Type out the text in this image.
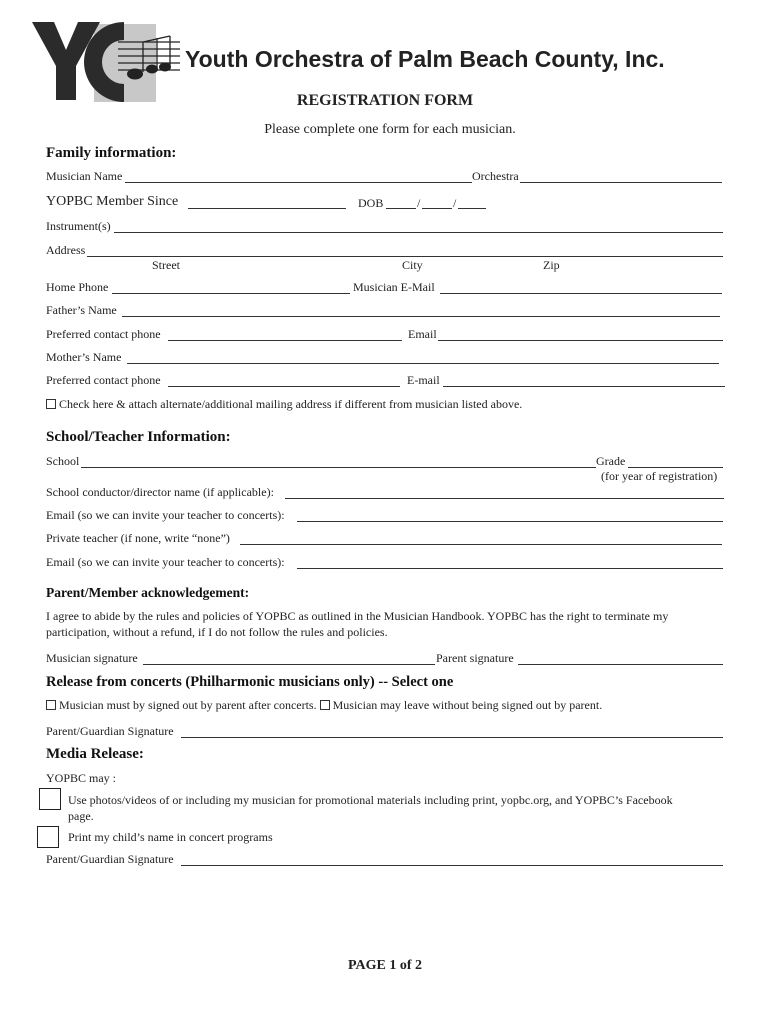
Youth Orchestra of Palm Beach County, Inc.
REGISTRATION FORM
Please complete one form for each musician.
Family information:
Musician Name	Orchestra
YOPBC Member Since	DOB	/	/
Instrument(s)
Address
Street	City	Zip
Home Phone	Musician E-Mail
Father’s Name
Preferred contact phone	Email
Mother’s Name
Preferred contact phone	E-mail
Check here & attach alternate/additional mailing address if different from musician listed above.
School/Teacher Information:
School	Grade
(for year of registration)
School conductor/director name (if applicable):
Email (so we can invite your teacher to concerts):
Private teacher (if none, write “none”)
Email (so we can invite your teacher to concerts):
Parent/Member acknowledgement:
I agree to abide by the rules and policies of YOPBC as outlined in the Musician Handbook. YOPBC has the right to terminate my
participation, without a refund, if I do not follow the rules and policies.
Musician signature	Parent signature
Release from concerts (Philharmonic musicians only) -- Select one
Musician must by signed out by parent after concerts. Musician may leave without being signed out by parent.
Parent/Guardian Signature
Media Release:
YOPBC may :
Use photos/videos of or including my musician for promotional materials including print, yopbc.org, and YOPBC’s Facebook
page.
Print my child’s name in concert programs
Parent/Guardian Signature
PAGE 1 of 2
